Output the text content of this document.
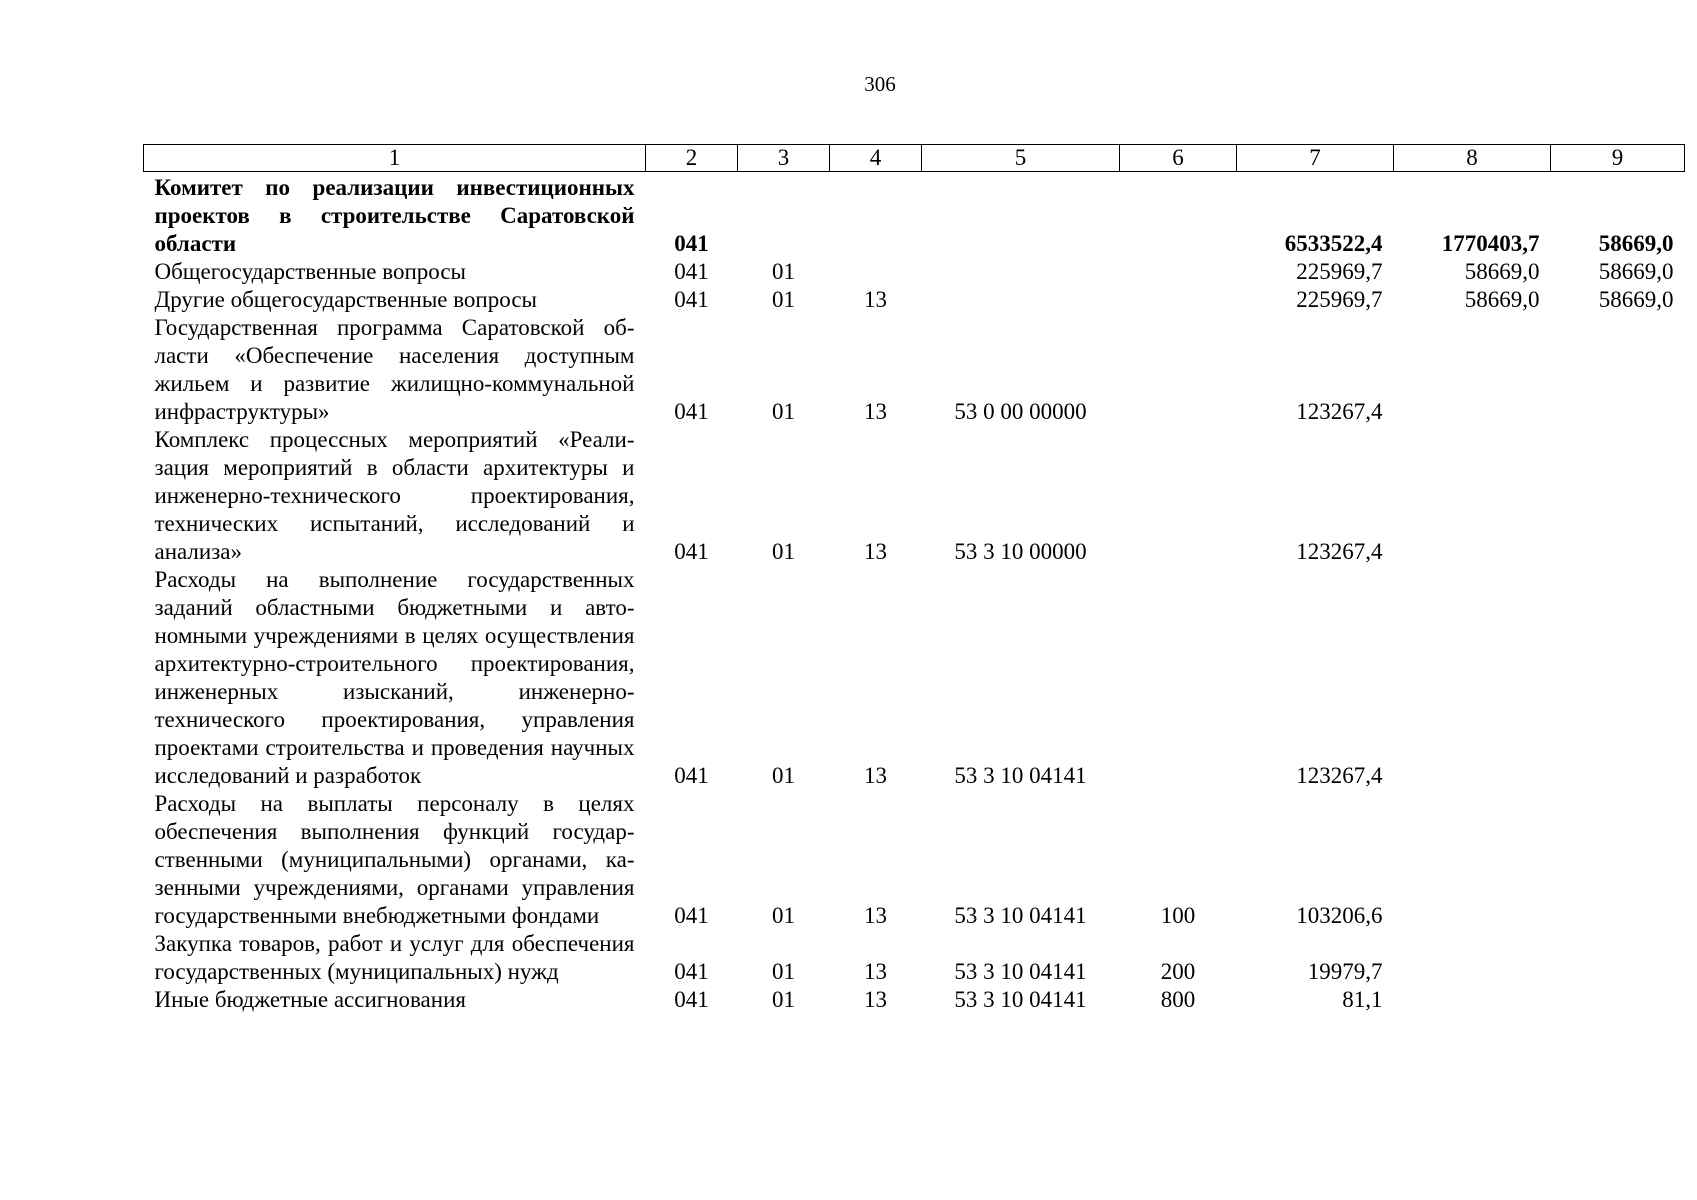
306
1	2	3	4	5	6	7	8	9
Комитет по реализации инвестиционных проектов в строительстве Саратовской области	041					6533522,4	1770403,7	58669,0
Общегосударственные вопросы	041	01				225969,7	58669,0	58669,0
Другие общегосударственные вопросы	041	01	13			225969,7	58669,0	58669,0
Государственная программа Саратовской области «Обеспечение населения доступным жильем и развитие жилищно-коммунальной инфраструктуры»	041	01	13	53 0 00 00000		123267,4		
Комплекс процессных мероприятий «Реализация мероприятий в области архитектуры и инженерно-технического проектирования, технических испытаний, исследований и анализа»	041	01	13	53 3 10 00000		123267,4		
Расходы на выполнение государственных заданий областными бюджетными и автономными учреждениями в целях осуществления архитектурно-строительного проектирования, инженерных изысканий, инженерно-технического проектирования, управления проектами строительства и проведения научных исследований и разработок	041	01	13	53 3 10 04141		123267,4		
Расходы на выплаты персоналу в целях обеспечения выполнения функций государственными (муниципальными) органами, казенными учреждениями, органами управления государственными внебюджетными фондами	041	01	13	53 3 10 04141	100	103206,6		
Закупка товаров, работ и услуг для обеспечения государственных (муниципальных) нужд	041	01	13	53 3 10 04141	200	19979,7		
Иные бюджетные ассигнования	041	01	13	53 3 10 04141	800	81,1		
